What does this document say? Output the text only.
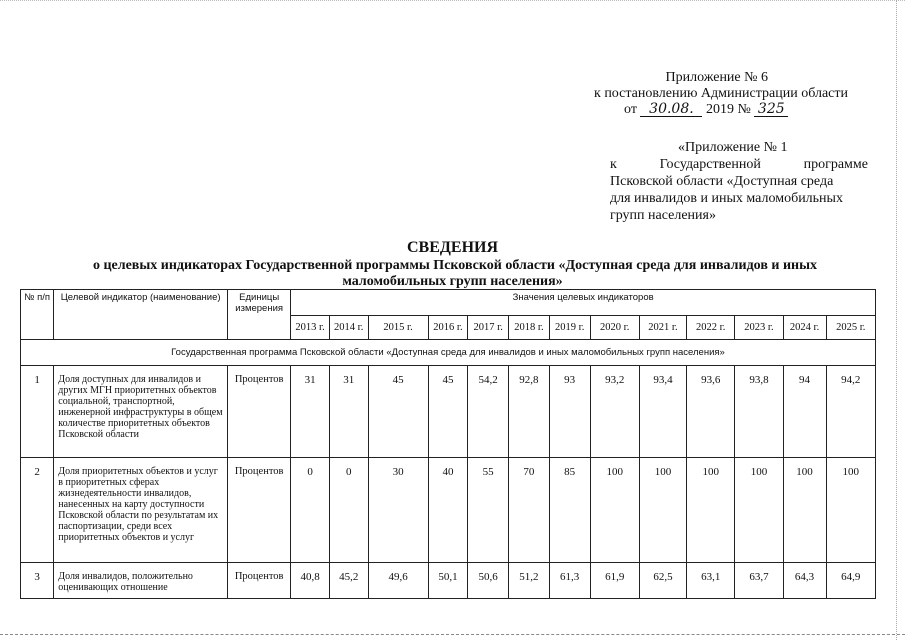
Приложение № 6
к постановлению Администрации области
от 30.08. 2019 № 325
«Приложение № 1
к	Государственной	программе
Псковской области «Доступная среда
для инвалидов и иных маломобильных
групп населения»
СВЕДЕНИЯ
о целевых индикаторах Государственной программы Псковской области «Доступная среда для инвалидов и иных
маломобильных групп населения»
№ п/п	Целевой индикатор (наименование)	Единицы измерения	Значения целевых индикаторов												
			2013 г.	2014 г.	2015 г.	2016 г.	2017 г.	2018 г.	2019 г.	2020 г.	2021 г.	2022 г.	2023 г.	2024 г.	2025 г.
Государственная программа Псковской области «Доступная среда для инвалидов и иных маломобильных групп населения»															
1	Доля доступных для инвалидов и других МГН приоритетных объектов социальной, транспортной, инженерной инфраструктуры в общем количестве приоритетных объектов Псковской области	Процентов	31	31	45	45	54,2	92,8	93	93,2	93,4	93,6	93,8	94	94,2
2	Доля приоритетных объектов и услуг в приоритетных сферах жизнедеятельности инвалидов, нанесенных на карту доступности Псковской области по результатам их паспортизации, среди всех приоритетных объектов и услуг	Процентов	0	0	30	40	55	70	85	100	100	100	100	100	100
3	Доля инвалидов, положительно оценивающих отношение	Процентов	40,8	45,2	49,6	50,1	50,6	51,2	61,3	61,9	62,5	63,1	63,7	64,3	64,9
